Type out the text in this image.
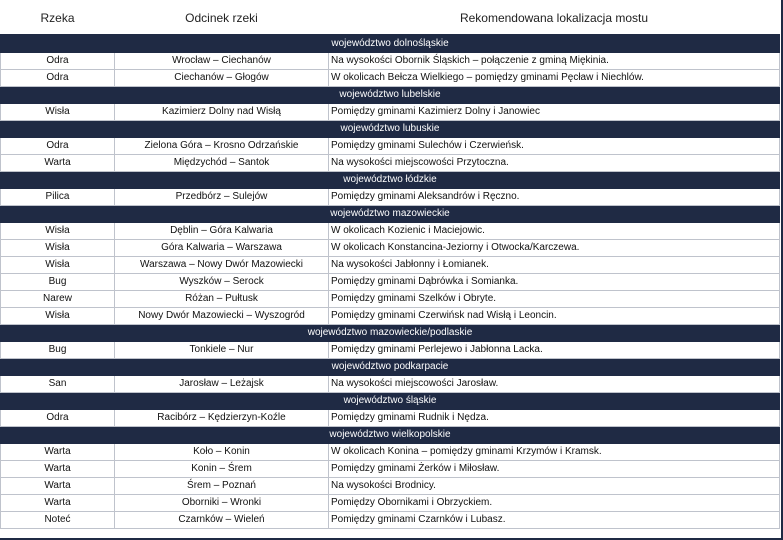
Rzeka	Odcinek rzeki	Rekomendowana lokalizacja mostu
województwo dolnośląskie		
Odra	Wrocław – Ciechanów	Na wysokości Obornik Śląskich – połączenie z gminą Miękinia.
Odra	Ciechanów – Głogów	W okolicach Bełcza Wielkiego – pomiędzy gminami Pęcław i Niechlów.
województwo lubelskie		
Wisła	Kazimierz Dolny nad Wisłą	Pomiędzy gminami Kazimierz Dolny i Janowiec
województwo lubuskie		
Odra	Zielona Góra – Krosno Odrzańskie	Pomiędzy gminami Sulechów i Czerwieńsk.
Warta	Międzychód – Santok	Na wysokości miejscowości Przytoczna.
województwo łódzkie		
Pilica	Przedbórz – Sulejów	Pomiędzy gminami Aleksandrów i Ręczno.
województwo mazowieckie		
Wisła	Dęblin – Góra Kalwaria	W okolicach Kozienic i Maciejowic.
Wisła	Góra Kalwaria – Warszawa	W okolicach Konstancina-Jeziorny i Otwocka/Karczewa.
Wisła	Warszawa – Nowy Dwór Mazowiecki	Na wysokości Jabłonny i Łomianek.
Bug	Wyszków – Serock	Pomiędzy gminami Dąbrówka i Somianka.
Narew	Różan – Pułtusk	Pomiędzy gminami Szelków i Obryte.
Wisła	Nowy Dwór Mazowiecki – Wyszogród	Pomiędzy gminami Czerwińsk nad Wisłą i Leoncin.
województwo mazowieckie/podlaskie		
Bug	Tonkiele – Nur	Pomiędzy gminami Perlejewo i Jabłonna Lacka.
województwo podkarpacie		
San	Jarosław – Leżajsk	Na wysokości miejscowości Jarosław.
województwo śląskie		
Odra	Racibórz – Kędzierzyn-Koźle	Pomiędzy gminami Rudnik i Nędza.
województwo wielkopolskie		
Warta	Koło – Konin	W okolicach Konina – pomiędzy gminami Krzymów i Kramsk.
Warta	Konin – Śrem	Pomiędzy gminami Żerków i Miłosław.
Warta	Śrem – Poznań	Na wysokości Brodnicy.
Warta	Oborniki – Wronki	Pomiędzy Obornikami i Obrzyckiem.
Noteć	Czarnków – Wieleń	Pomiędzy gminami Czarnków i Lubasz.
